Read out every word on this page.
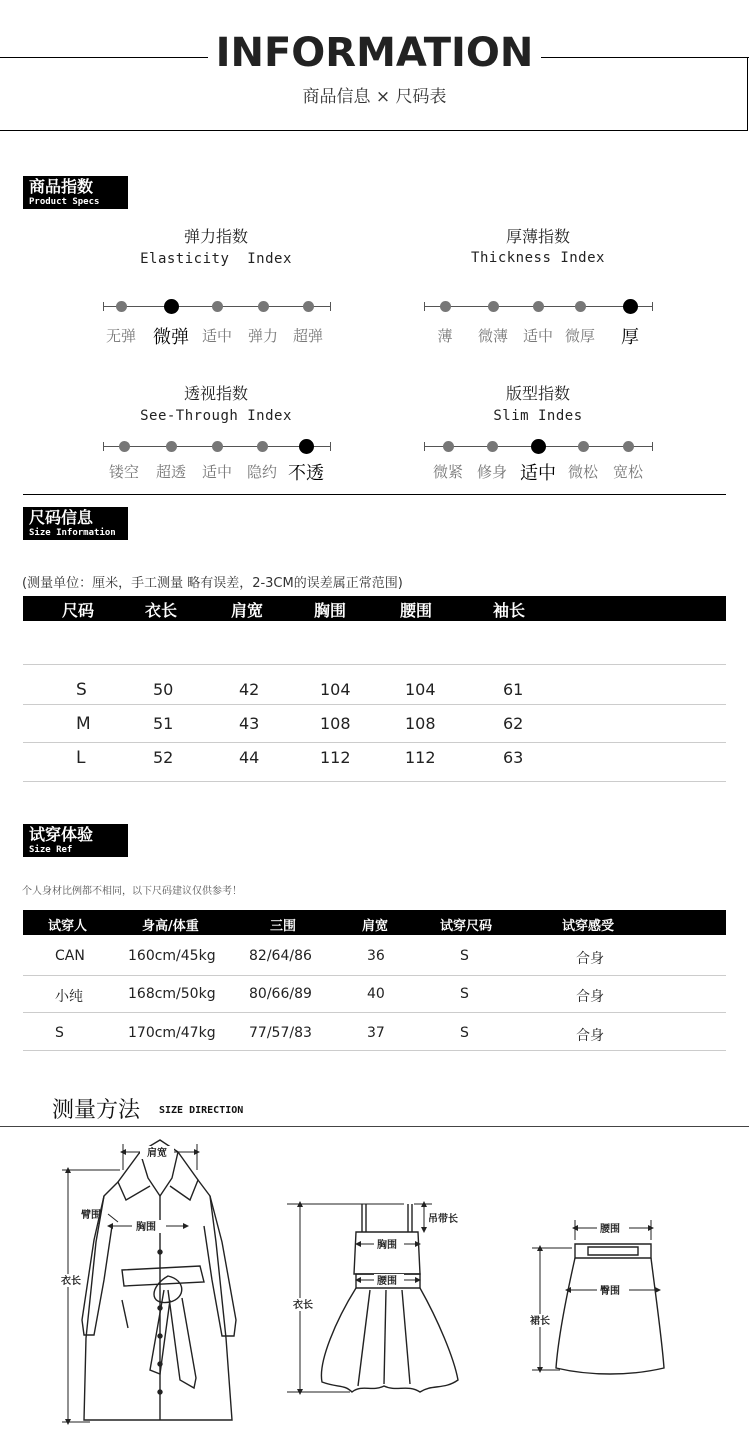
INFORMATION
商品信息 × 尺码表
商品指数
Product Specs
弹力指数
Elasticity  Index
无弹 微弹 适中	弹力 超弹
厚薄指数
Thickness Index
薄	微薄 适中 微厚	厚
透视指数
See-Through Index
镂空	超透	适中 隐约 不透
版型指数
Slim Indes
微紧 修身 适中 微松 宽松
尺码信息
Size Information
(测量单位：厘米，手工测量 略有误差，2-3CM的误差属正常范围)
尺码	衣长	肩宽	胸围	腰围	袖长
S	50	42	104	104	61
M	51	43	108	108	62
L	52	44	112	112	63
试穿体验
Size Ref
个人身材比例都不相同，以下尺码建议仅供参考！
试穿人	身高/体重	三围	肩宽	试穿尺码	试穿感受
CAN	160cm/45kg 82/64/86	36	S	合身
小纯	168cm/50kg 80/66/89	40	S	合身
S	170cm/47kg 77/57/83	37	S	合身
测量方法 SIZE DIRECTION
肩宽
臂围
胸围
衣长
吊带长
胸围
腰围
衣长
腰围
臀围
裙长
